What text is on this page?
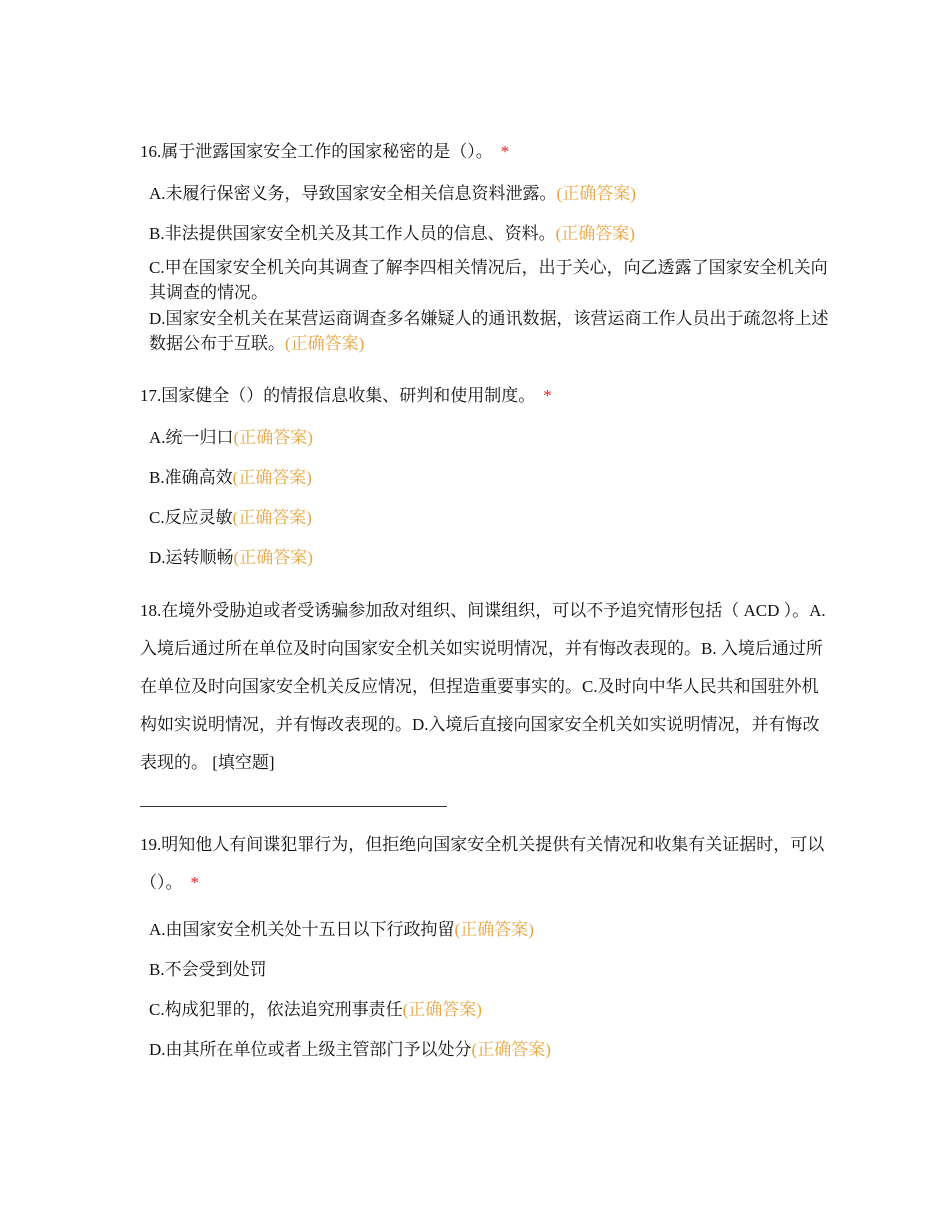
16.属于泄露国家安全工作的国家秘密的是（）。 *
A.未履行保密义务，导致国家安全相关信息资料泄露。(正确答案)
B.非法提供国家安全机关及其工作人员的信息、资料。(正确答案)
C.甲在国家安全机关向其调查了解李四相关情况后，出于关心，向乙透露了国家安全机关向其调查的情况。
D.国家安全机关在某营运商调查多名嫌疑人的通讯数据，该营运商工作人员出于疏忽将上述数据公布于互联。(正确答案)
17.国家健全（）的情报信息收集、研判和使用制度。 *
A.统一归口(正确答案)
B.准确高效(正确答案)
C.反应灵敏(正确答案)
D.运转顺畅(正确答案)
18.在境外受胁迫或者受诱骗参加敌对组织、间谍组织，可以不予追究情形包括（ ACD ）。A.入境后通过所在单位及时向国家安全机关如实说明情况，并有悔改表现的。B. 入境后通过所在单位及时向国家安全机关反应情况，但捏造重要事实的。C.及时向中华人民共和国驻外机构如实说明情况，并有悔改表现的。D.入境后直接向国家安全机关如实说明情况，并有悔改表现的。 [填空题]
19.明知他人有间谍犯罪行为，但拒绝向国家安全机关提供有关情况和收集有关证据时，可以（）。 *
A.由国家安全机关处十五日以下行政拘留(正确答案)
B.不会受到处罚
C.构成犯罪的，依法追究刑事责任(正确答案)
D.由其所在单位或者上级主管部门予以处分(正确答案)
